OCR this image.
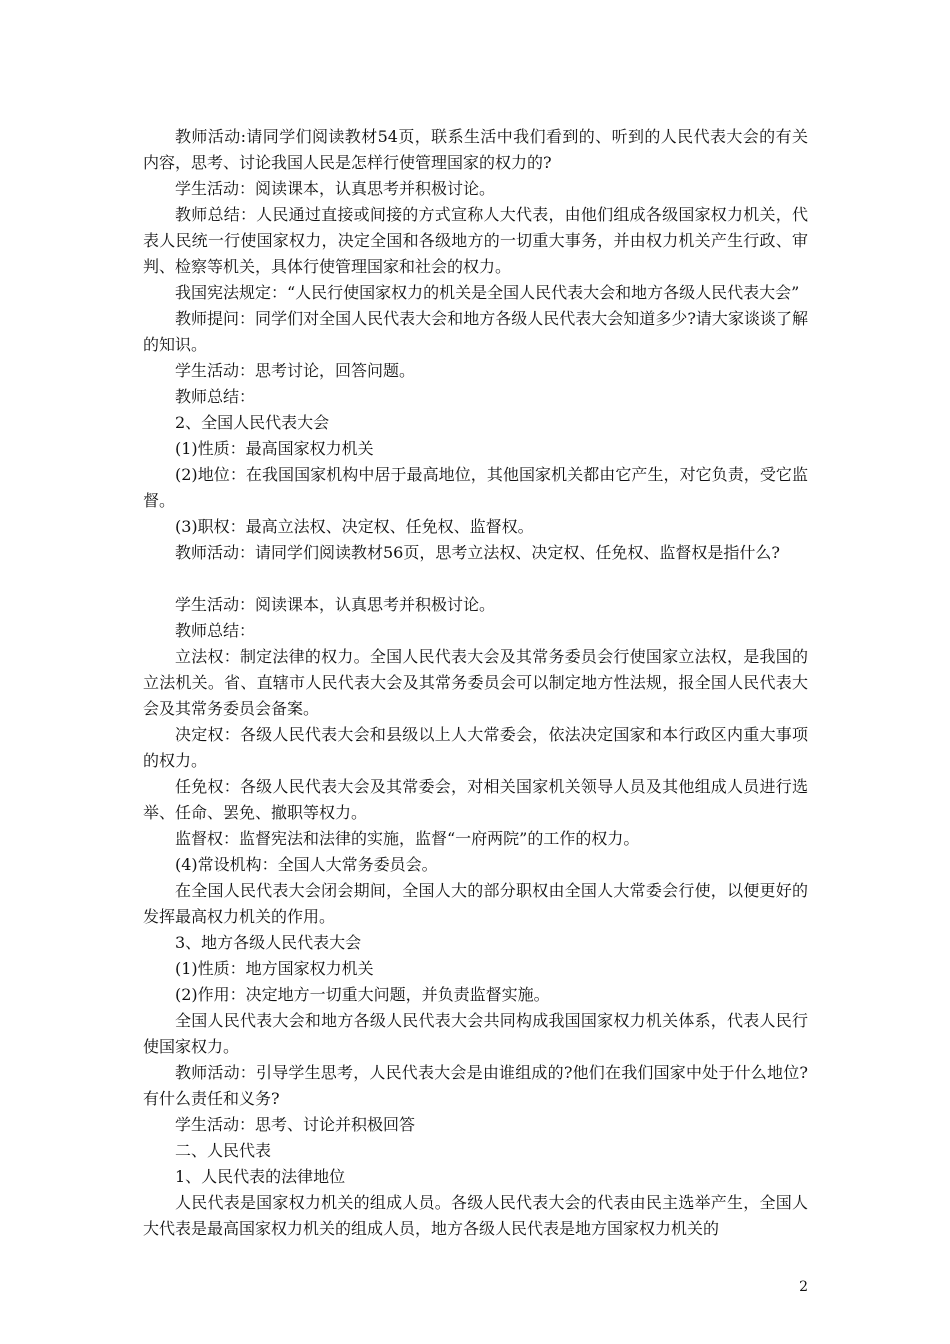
教师活动:请同学们阅读教材54页，联系生活中我们看到的、听到的人民代表大会的有关内容，思考、讨论我国人民是怎样行使管理国家的权力的?

学生活动：阅读课本，认真思考并积极讨论。

教师总结：人民通过直接或间接的方式宣称人大代表，由他们组成各级国家权力机关，代表人民统一行使国家权力，决定全国和各级地方的一切重大事务，并由权力机关产生行政、审判、检察等机关，具体行使管理国家和社会的权力。

我国宪法规定：“人民行使国家权力的机关是全国人民代表大会和地方各级人民代表大会”

教师提问：同学们对全国人民代表大会和地方各级人民代表大会知道多少?请大家谈谈了解的知识。

学生活动：思考讨论，回答问题。

教师总结：

2、全国人民代表大会

(1)性质：最高国家权力机关

(2)地位：在我国国家机构中居于最高地位，其他国家机关都由它产生，对它负责，受它监督。

(3)职权：最高立法权、决定权、任免权、监督权。

教师活动：请同学们阅读教材56页，思考立法权、决定权、任免权、监督权是指什么?

学生活动：阅读课本，认真思考并积极讨论。

教师总结：

立法权：制定法律的权力。全国人民代表大会及其常务委员会行使国家立法权，是我国的立法机关。省、直辖市人民代表大会及其常务委员会可以制定地方性法规，报全国人民代表大会及其常务委员会备案。

决定权：各级人民代表大会和县级以上人大常委会，依法决定国家和本行政区内重大事项的权力。

任免权：各级人民代表大会及其常委会，对相关国家机关领导人员及其他组成人员进行选举、任命、罢免、撤职等权力。

监督权：监督宪法和法律的实施，监督“一府两院”的工作的权力。

(4)常设机构：全国人大常务委员会。

在全国人民代表大会闭会期间，全国人大的部分职权由全国人大常委会行使，以便更好的发挥最高权力机关的作用。

3、地方各级人民代表大会

(1)性质：地方国家权力机关

(2)作用：决定地方一切重大问题，并负责监督实施。

全国人民代表大会和地方各级人民代表大会共同构成我国国家权力机关体系，代表人民行使国家权力。

教师活动：引导学生思考，人民代表大会是由谁组成的?他们在我们国家中处于什么地位?有什么责任和义务?

学生活动：思考、讨论并积极回答

二、人民代表

1、人民代表的法律地位

人民代表是国家权力机关的组成人员。各级人民代表大会的代表由民主选举产生，全国人大代表是最高国家权力机关的组成人员，地方各级人民代表是地方国家权力机关的

2
